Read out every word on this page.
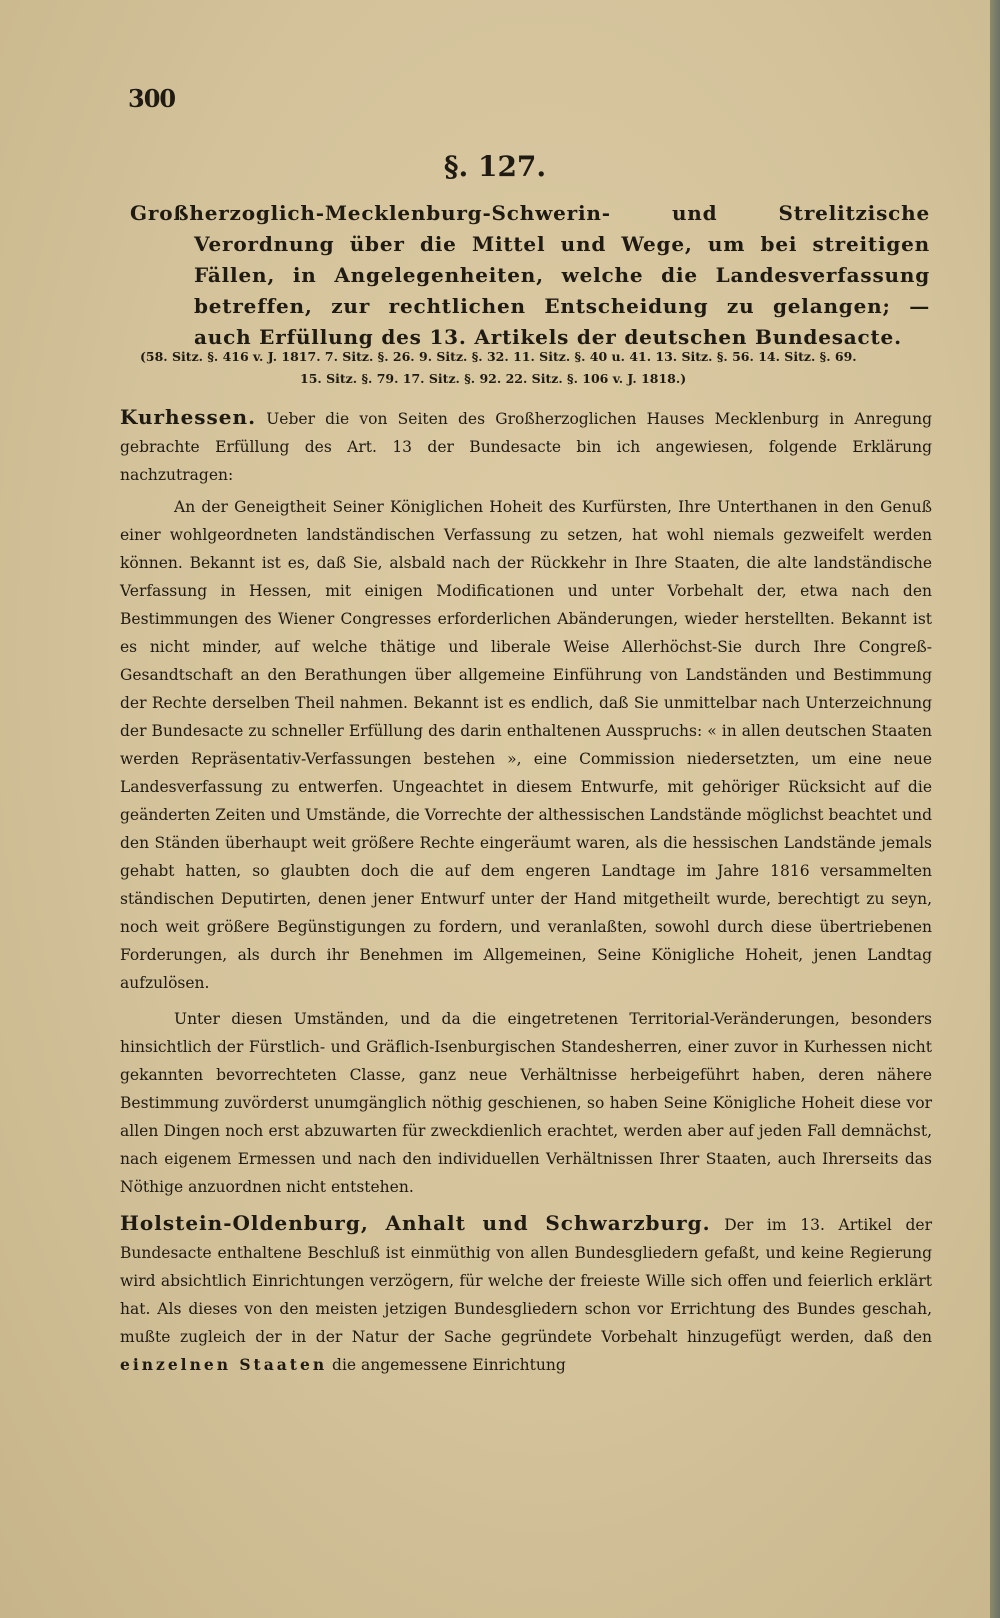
300
§. 127.

Großherzoglich-Mecklenburg-Schwerin- und Strelitzische Verordnung über die Mittel und Wege, um bei streitigen Fällen, in Angelegenheiten, welche die Landesverfassung betreffen, zur rechtlichen Entscheidung zu gelangen; — auch Erfüllung des 13. Artikels der deutschen Bundesacte.

(58. Sitz. §. 416 v. J. 1817. 7. Sitz. §. 26. 9. Sitz. §. 32. 11. Sitz. §. 40 u. 41. 13. Sitz. §. 56. 14. Sitz. §. 69.
15. Sitz. §. 79. 17. Sitz. §. 92. 22. Sitz. §. 106 v. J. 1818.)

Kurhessen. Ueber die von Seiten des Großherzoglichen Hauses Mecklenburg in Anregung gebrachte Erfüllung des Art. 13 der Bundesacte bin ich angewiesen, folgende Erklärung nachzutragen:

An der Geneigtheit Seiner Königlichen Hoheit des Kurfürsten, Ihre Unterthanen in den Genuß einer wohlgeordneten landständischen Verfassung zu setzen, hat wohl niemals gezweifelt werden können. Bekannt ist es, daß Sie, alsbald nach der Rückkehr in Ihre Staaten, die alte landständische Verfassung in Hessen, mit einigen Modificationen und unter Vorbehalt der, etwa nach den Bestimmungen des Wiener Congresses erforderlichen Abänderungen, wieder herstellten. Bekannt ist es nicht minder, auf welche thätige und liberale Weise Allerhöchst-Sie durch Ihre Congreß-Gesandtschaft an den Berathungen über allgemeine Einführung von Landständen und Bestimmung der Rechte derselben Theil nahmen. Bekannt ist es endlich, daß Sie unmittelbar nach Unterzeichnung der Bundesacte zu schneller Erfüllung des darin enthaltenen Ausspruchs: « in allen deutschen Staaten werden Repräsentativ-Verfassungen bestehen », eine Commission niedersetzten, um eine neue Landesverfassung zu entwerfen. Ungeachtet in diesem Entwurfe, mit gehöriger Rücksicht auf die geänderten Zeiten und Umstände, die Vorrechte der althessischen Landstände möglichst beachtet und den Ständen überhaupt weit größere Rechte eingeräumt waren, als die hessischen Landstände jemals gehabt hatten, so glaubten doch die auf dem engeren Landtage im Jahre 1816 versammelten ständischen Deputirten, denen jener Entwurf unter der Hand mitgetheilt wurde, berechtigt zu seyn, noch weit größere Begünstigungen zu fordern, und veranlaßten, sowohl durch diese übertriebenen Forderungen, als durch ihr Benehmen im Allgemeinen, Seine Königliche Hoheit, jenen Landtag aufzulösen.

Unter diesen Umständen, und da die eingetretenen Territorial-Veränderungen, besonders hinsichtlich der Fürstlich- und Gräflich-Isenburgischen Standesherren, einer zuvor in Kurhessen nicht gekannten bevorrechteten Classe, ganz neue Verhältnisse herbeigeführt haben, deren nähere Bestimmung zuvörderst unumgänglich nöthig geschienen, so haben Seine Königliche Hoheit diese vor allen Dingen noch erst abzuwarten für zweckdienlich erachtet, werden aber auf jeden Fall demnächst, nach eigenem Ermessen und nach den individuellen Verhältnissen Ihrer Staaten, auch Ihrerseits das Nöthige anzuordnen nicht entstehen.

Holstein-Oldenburg, Anhalt und Schwarzburg. Der im 13. Artikel der Bundesacte enthaltene Beschluß ist einmüthig von allen Bundesgliedern gefaßt, und keine Regierung wird absichtlich Einrichtungen verzögern, für welche der freieste Wille sich offen und feierlich erklärt hat. Als dieses von den meisten jetzigen Bundesgliedern schon vor Errichtung des Bundes geschah, mußte zugleich der in der Natur der Sache gegründete Vorbehalt hinzugefügt werden, daß den einzelnen Staaten die angemessene Einrichtung
